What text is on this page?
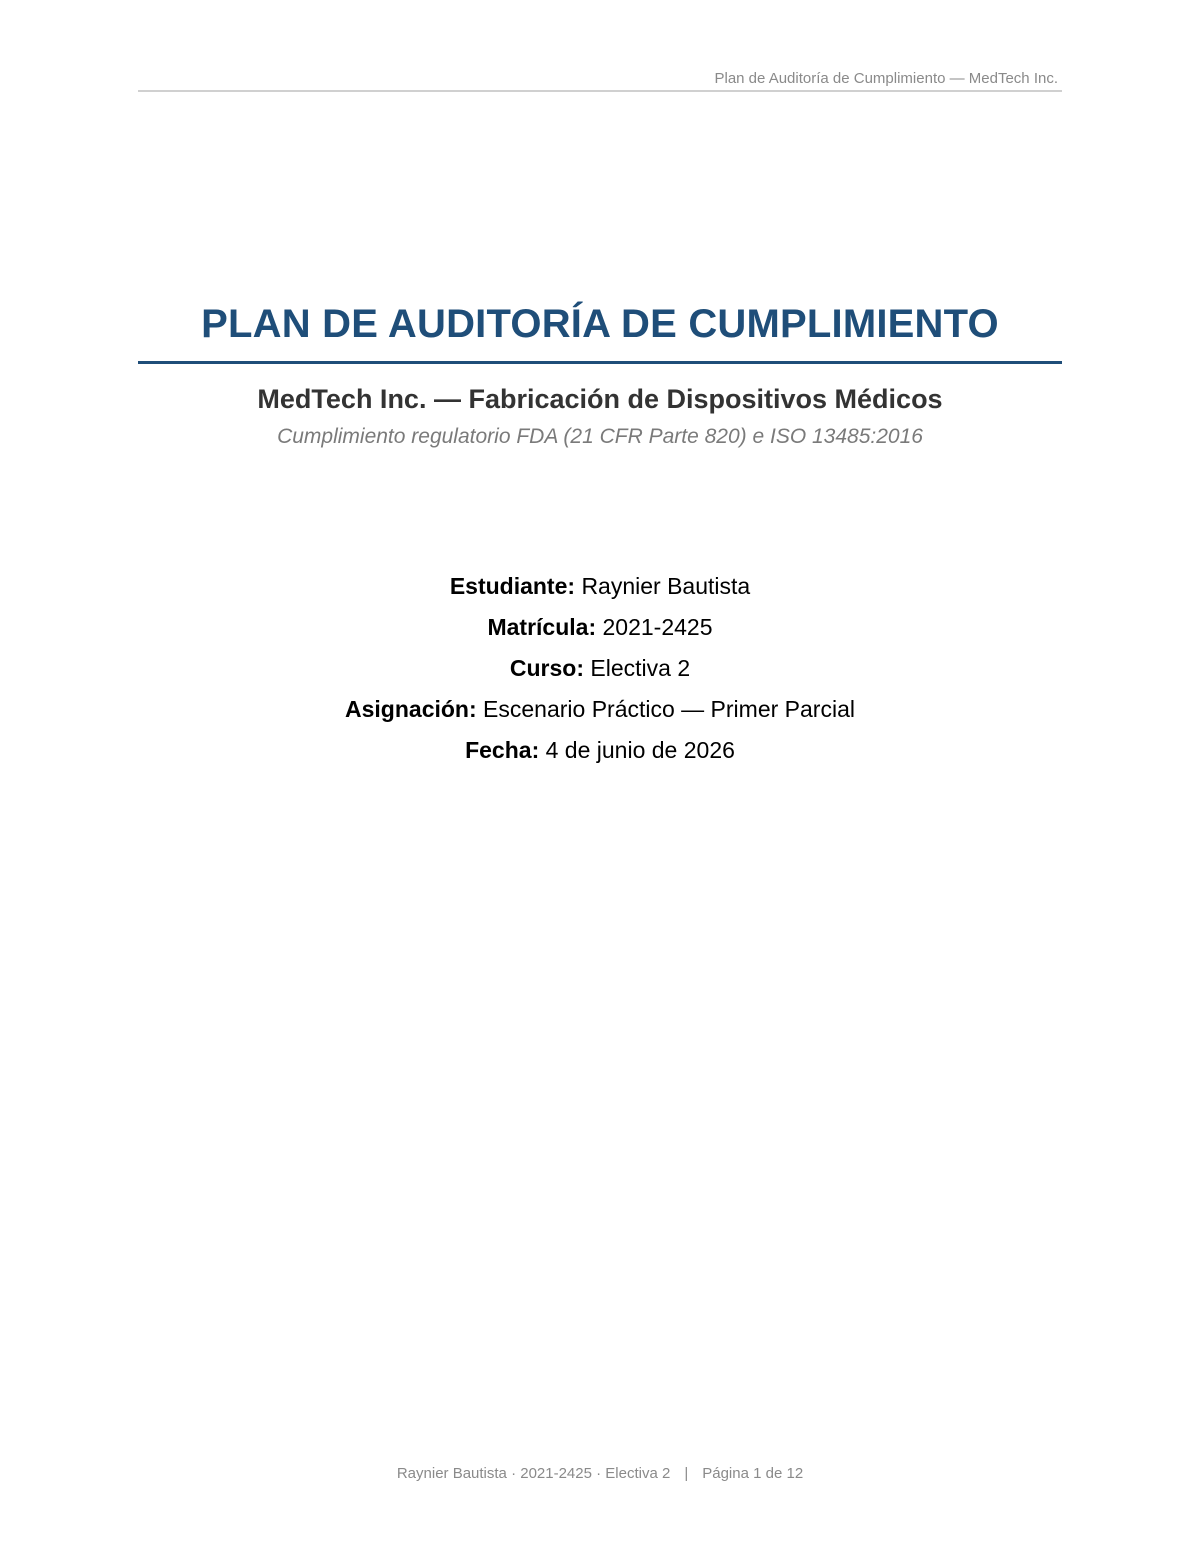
Plan de Auditoría de Cumplimiento — MedTech Inc.
PLAN DE AUDITORÍA DE CUMPLIMIENTO
MedTech Inc. — Fabricación de Dispositivos Médicos
Cumplimiento regulatorio FDA (21 CFR Parte 820) e ISO 13485:2016
Estudiante: Raynier Bautista
Matrícula: 2021-2425
Curso: Electiva 2
Asignación: Escenario Práctico — Primer Parcial
Fecha: 4 de junio de 2026
Raynier Bautista · 2021-2425 · Electiva 2 | Página 1 de 12
